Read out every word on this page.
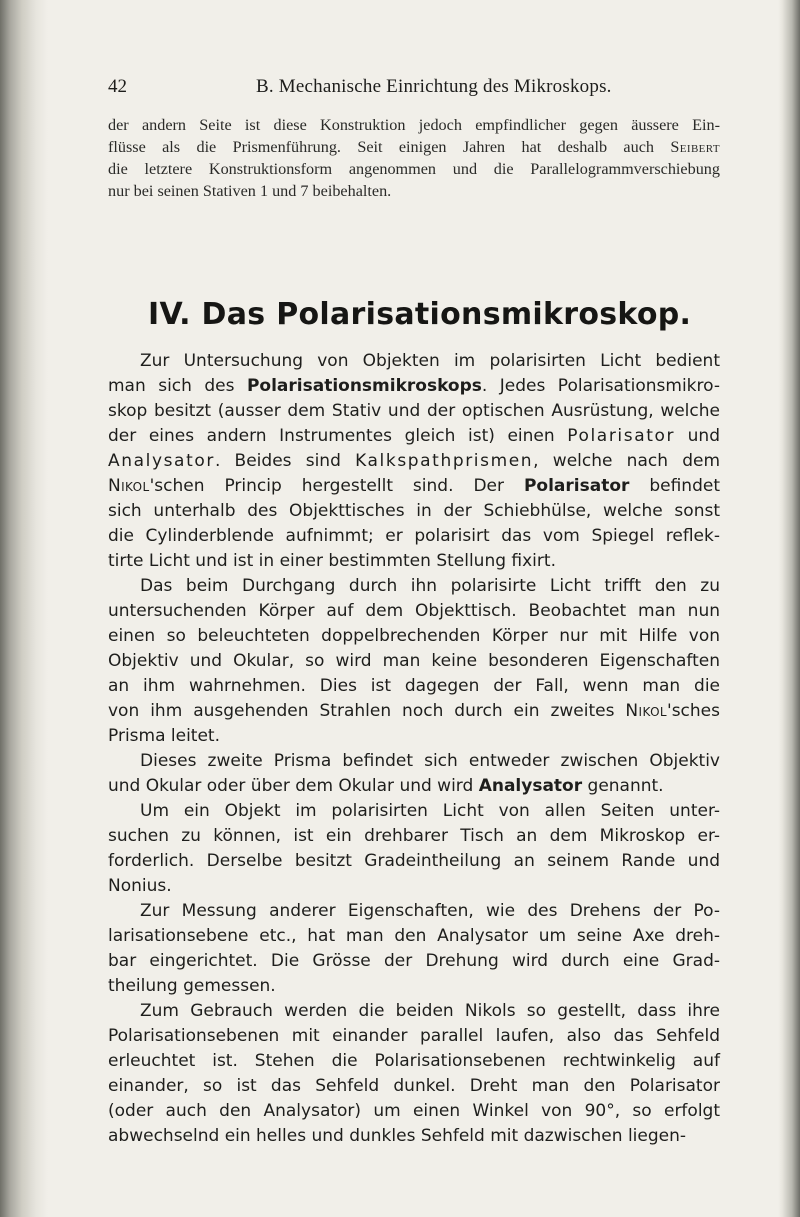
42	B. Mechanische Einrichtung des Mikroskops.
der andern Seite ist diese Konstruktion jedoch empfindlicher gegen äussere Ein-
flüsse als die Prismenführung. Seit einigen Jahren hat deshalb auch Seibert
die letztere Konstruktionsform angenommen und die Parallelogrammverschiebung
nur bei seinen Stativen 1 und 7 beibehalten.
IV. Das Polarisationsmikroskop.
Zur Untersuchung von Objekten im polarisirten Licht bedient
man sich des Polarisationsmikroskops. Jedes Polarisationsmikro-
skop besitzt (ausser dem Stativ und der optischen Ausrüstung, welche
der eines andern Instrumentes gleich ist) einen Polarisator und
Analysator. Beides sind Kalkspathprismen, welche nach dem
Nikol'schen Princip hergestellt sind. Der Polarisator befindet
sich unterhalb des Objekttisches in der Schiebhülse, welche sonst
die Cylinderblende aufnimmt; er polarisirt das vom Spiegel reflek-
tirte Licht und ist in einer bestimmten Stellung fixirt.
Das beim Durchgang durch ihn polarisirte Licht trifft den zu
untersuchenden Körper auf dem Objekttisch. Beobachtet man nun
einen so beleuchteten doppelbrechenden Körper nur mit Hilfe von
Objektiv und Okular, so wird man keine besonderen Eigenschaften
an ihm wahrnehmen. Dies ist dagegen der Fall, wenn man die
von ihm ausgehenden Strahlen noch durch ein zweites Nikol'sches
Prisma leitet.
Dieses zweite Prisma befindet sich entweder zwischen Objektiv
und Okular oder über dem Okular und wird Analysator genannt.
Um ein Objekt im polarisirten Licht von allen Seiten unter-
suchen zu können, ist ein drehbarer Tisch an dem Mikroskop er-
forderlich. Derselbe besitzt Gradeintheilung an seinem Rande und
Nonius.
Zur Messung anderer Eigenschaften, wie des Drehens der Po-
larisationsebene etc., hat man den Analysator um seine Axe dreh-
bar eingerichtet. Die Grösse der Drehung wird durch eine Grad-
theilung gemessen.
Zum Gebrauch werden die beiden Nikols so gestellt, dass ihre
Polarisationsebenen mit einander parallel laufen, also das Sehfeld
erleuchtet ist. Stehen die Polarisationsebenen rechtwinkelig auf
einander, so ist das Sehfeld dunkel. Dreht man den Polarisator
(oder auch den Analysator) um einen Winkel von 90°, so erfolgt
abwechselnd ein helles und dunkles Sehfeld mit dazwischen liegen-
